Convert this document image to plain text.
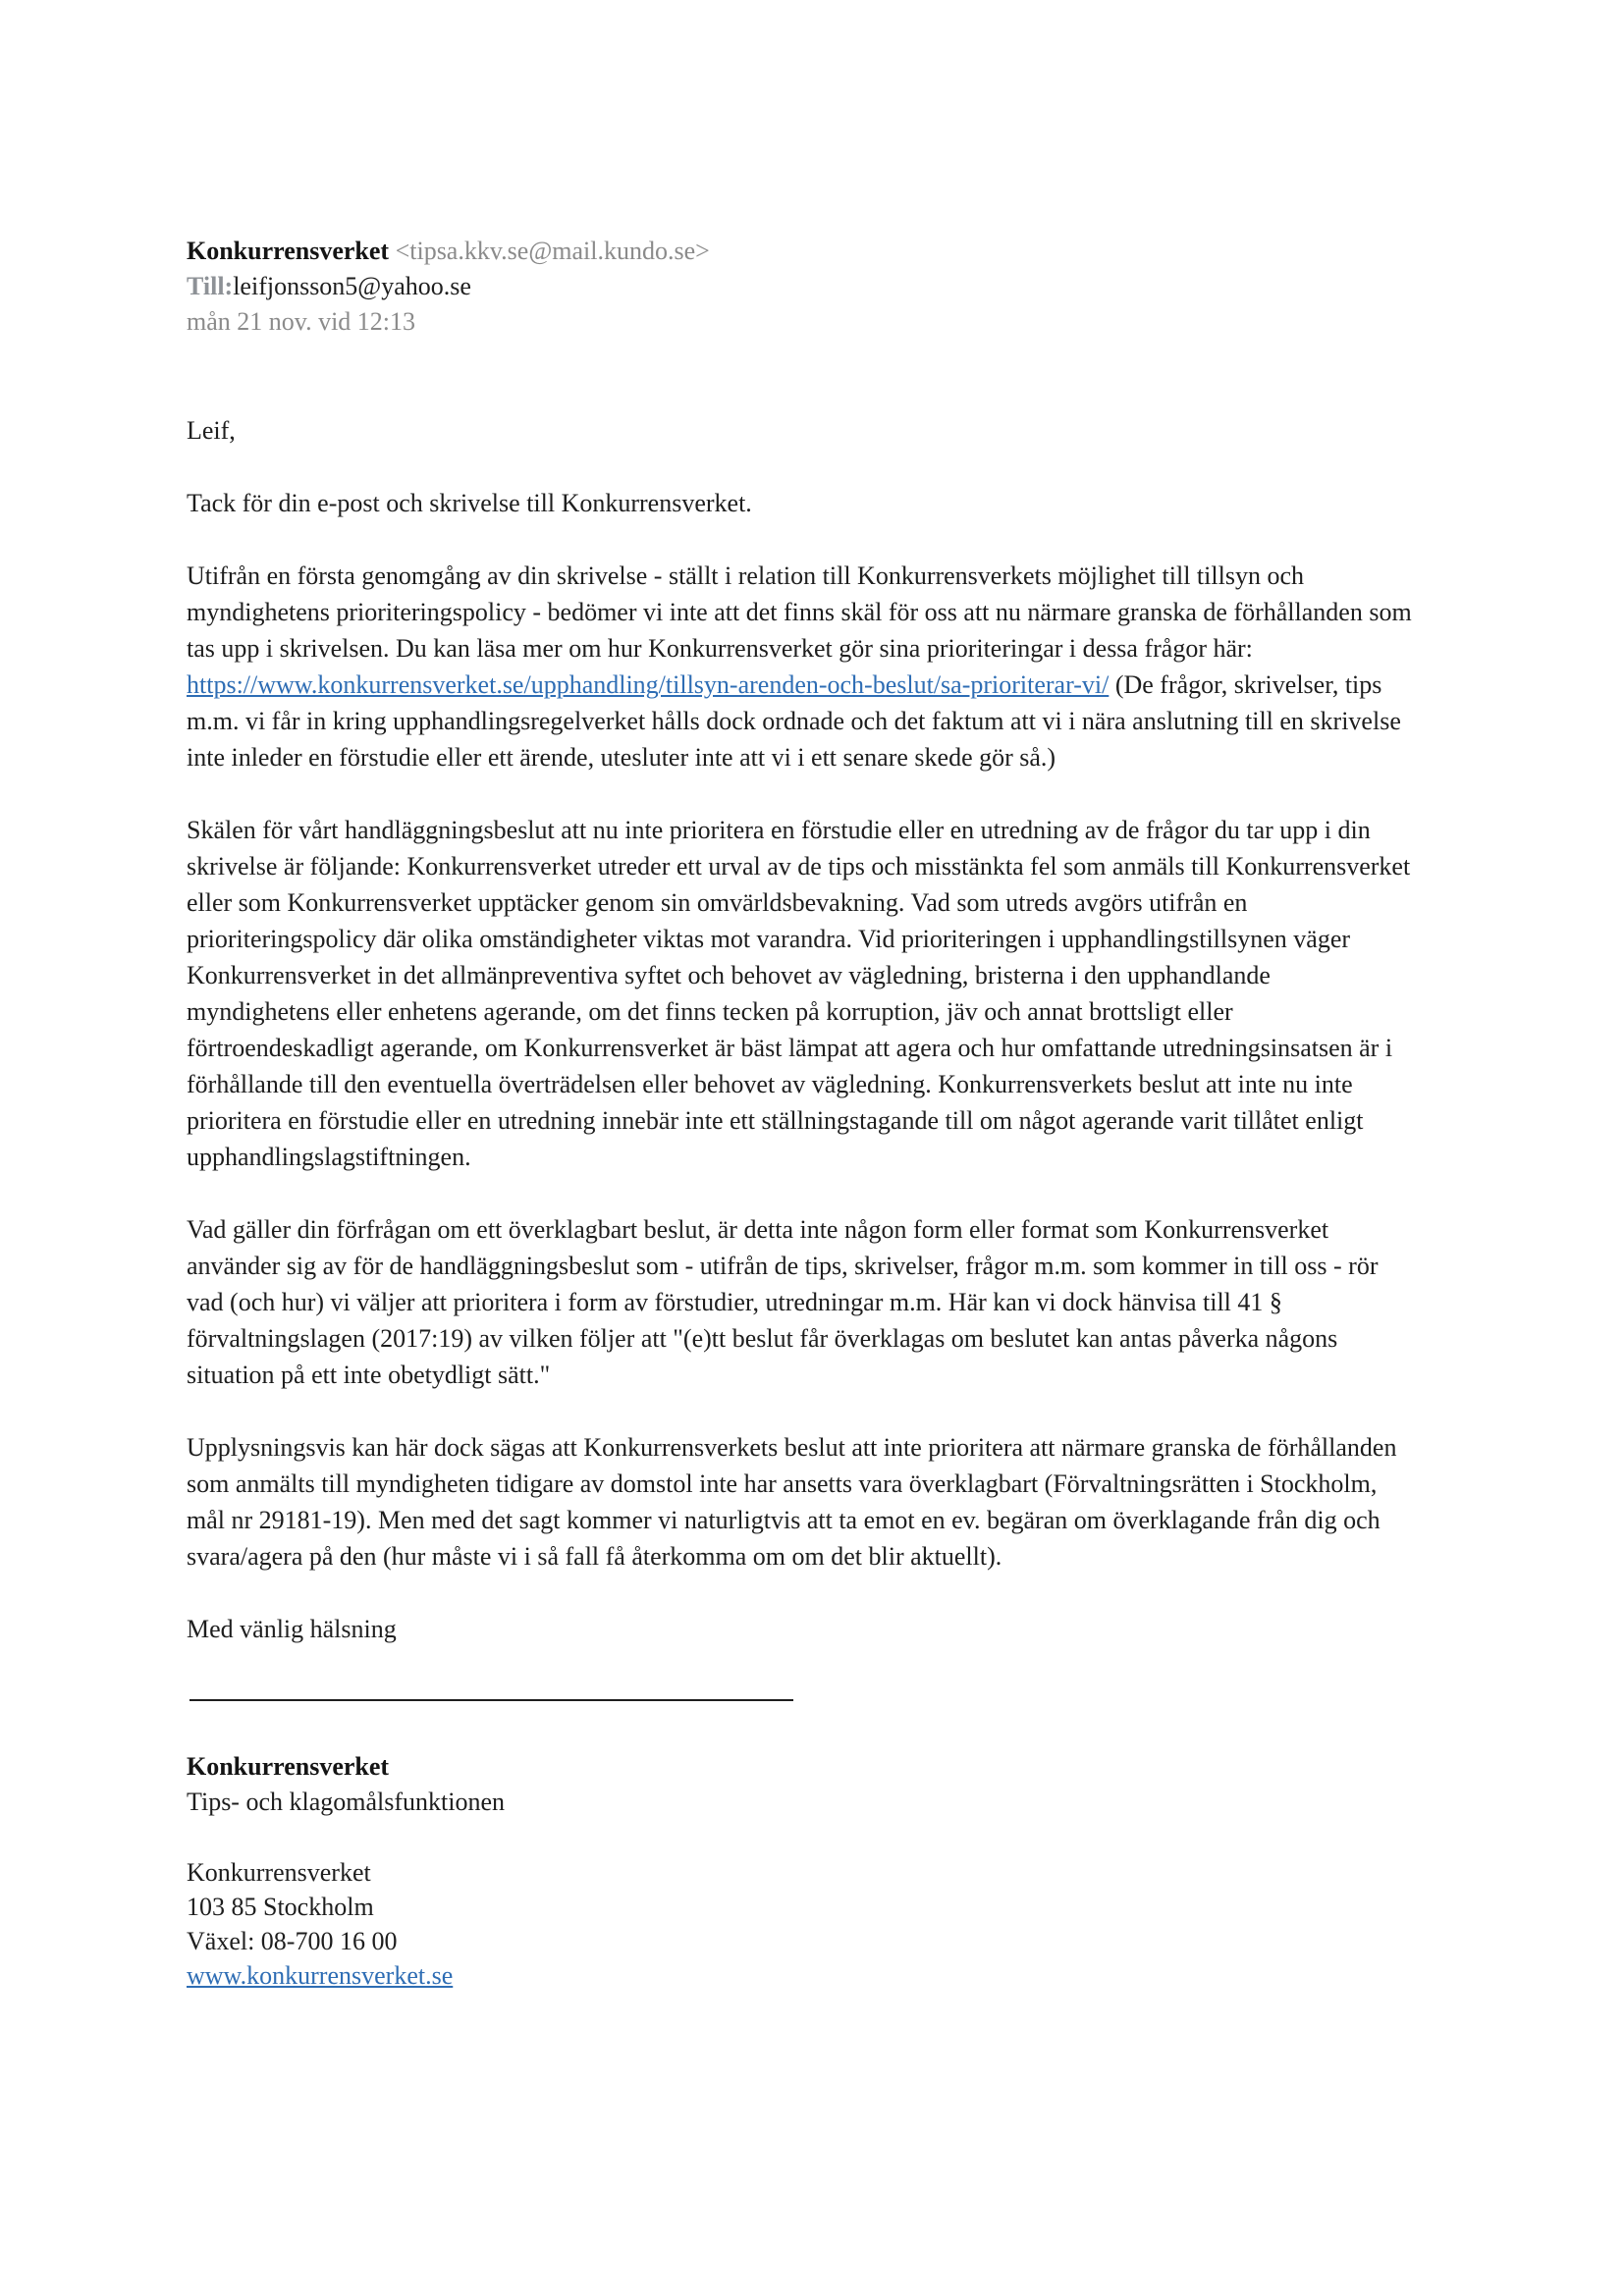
Konkurrensverket <tipsa.kkv.se@mail.kundo.se>
Till:leifjonsson5@yahoo.se
mån 21 nov. vid 12:13

Leif,

Tack för din e-post och skrivelse till Konkurrensverket.

Utifrån en första genomgång av din skrivelse - ställt i relation till Konkurrensverkets möjlighet till tillsyn och myndighetens prioriteringspolicy - bedömer vi inte att det finns skäl för oss att nu närmare granska de förhållanden som tas upp i skrivelsen. Du kan läsa mer om hur Konkurrensverket gör sina prioriteringar i dessa frågor här: https://www.konkurrensverket.se/upphandling/tillsyn-arenden-och-beslut/sa-prioriterar-vi/ (De frågor, skrivelser, tips m.m. vi får in kring upphandlingsregelverket hålls dock ordnade och det faktum att vi i nära anslutning till en skrivelse inte inleder en förstudie eller ett ärende, utesluter inte att vi i ett senare skede gör så.)

Skälen för vårt handläggningsbeslut att nu inte prioritera en förstudie eller en utredning av de frågor du tar upp i din skrivelse är följande: Konkurrensverket utreder ett urval av de tips och misstänkta fel som anmäls till Konkurrensverket eller som Konkurrensverket upptäcker genom sin omvärldsbevakning. Vad som utreds avgörs utifrån en prioriteringspolicy där olika omständigheter viktas mot varandra. Vid prioriteringen i upphandlingstillsynen väger Konkurrensverket in det allmänpreventiva syftet och behovet av vägledning, bristerna i den upphandlande myndighetens eller enhetens agerande, om det finns tecken på korruption, jäv och annat brottsligt eller förtroendeskadligt agerande, om Konkurrensverket är bäst lämpat att agera och hur omfattande utredningsinsatsen är i förhållande till den eventuella överträdelsen eller behovet av vägledning. Konkurrensverkets beslut att inte nu inte prioritera en förstudie eller en utredning innebär inte ett ställningstagande till om något agerande varit tillåtet enligt upphandlingslagstiftningen.

Vad gäller din förfrågan om ett överklagbart beslut, är detta inte någon form eller format som Konkurrensverket använder sig av för de handläggningsbeslut som - utifrån de tips, skrivelser, frågor m.m. som kommer in till oss - rör vad (och hur) vi väljer att prioritera i form av förstudier, utredningar m.m. Här kan vi dock hänvisa till 41 § förvaltningslagen (2017:19) av vilken följer att "(e)tt beslut får överklagas om beslutet kan antas påverka någons situation på ett inte obetydligt sätt."

Upplysningsvis kan här dock sägas att Konkurrensverkets beslut att inte prioritera att närmare granska de förhållanden som anmälts till myndigheten tidigare av domstol inte har ansetts vara överklagbart (Förvaltningsrätten i Stockholm, mål nr 29181-19). Men med det sagt kommer vi naturligtvis att ta emot en ev. begäran om överklagande från dig och svara/agera på den (hur måste vi i så fall få återkomma om om det blir aktuellt).

Med vänlig hälsning

Konkurrensverket
Tips- och klagomålsfunktionen
Konkurrensverket
103 85 Stockholm
Växel: 08-700 16 00
www.konkurrensverket.se
